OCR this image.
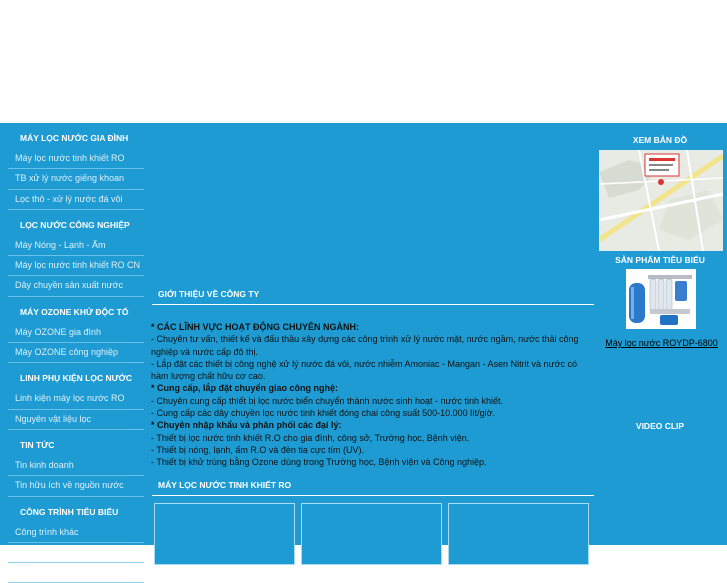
MÁY LỌC NƯỚC GIA ĐÌNH
Máy lọc nước tinh khiết RO
TB xử lý nước giếng khoan
Lọc thô - xử lý nước đá vôi
LỌC NƯỚC CÔNG NGHIỆP
Máy Nóng - Lạnh - Ấm
Máy lọc nước tinh khiết RO CN
Dây chuyền sản xuất nước
MÁY OZONE KHỬ ĐỘC TỐ
Máy OZONE gia đình
Máy OZONE công nghiệp
LINH PHỤ KIỆN LỌC NƯỚC
Linh kiện máy lọc nước RO
Nguyên vật liệu lọc
TIN TỨC
Tin kinh doanh
Tin hữu ích về nguồn nước
CÔNG TRÌNH TIÊU BIỂU
Công trình khác
CT khách sạn vườn Hồng
CTXL nước nhà máy Giấy
GIỚI THIỆU VỀ CÔNG TY
* CÁC LĨNH VỰC HOẠT ĐỘNG CHUYÊN NGÀNH:
- Chuyên tư vấn, thiết kế và đấu thầu xây dựng các công trình xử lý nước mặt, nước ngầm, nước thải công nghiệp và nước cấp đô thị.
- Lắp đặt các thiết bị công nghệ xử lý nước đá vôi, nước nhiễm Amoniac - Mangan - Asen Nitrit và nước có hàm lượng chất hữu cơ cao.
* Cung cấp, lắp đặt chuyển giao công nghệ:
- Chuyên cung cấp thiết bị lọc nước biển chuyển thành nước sinh hoạt - nước tinh khiết.
- Cung cấp các dây chuyền lọc nước tinh khiết đóng chai công suất 500-10.000 lít/giờ.
* Chuyên nhập khẩu và phân phối các đại lý:
- Thiết bị lọc nước tinh khiết R.O cho gia đình, công sở, Trường học, Bệnh viện.
- Thiết bị nóng, lạnh, ấm R.O và đèn tia cực tím (UV).
- Thiết bị khử trùng bằng Ozone dùng trong Trường học, Bệnh viện và Công nghiệp.
MÁY LỌC NƯỚC TINH KHIẾT RO
XEM BẢN ĐỒ
SẢN PHẨM TIÊU BIỂU
Máy lọc nước ROYDP-6800
VIDEO CLIP
